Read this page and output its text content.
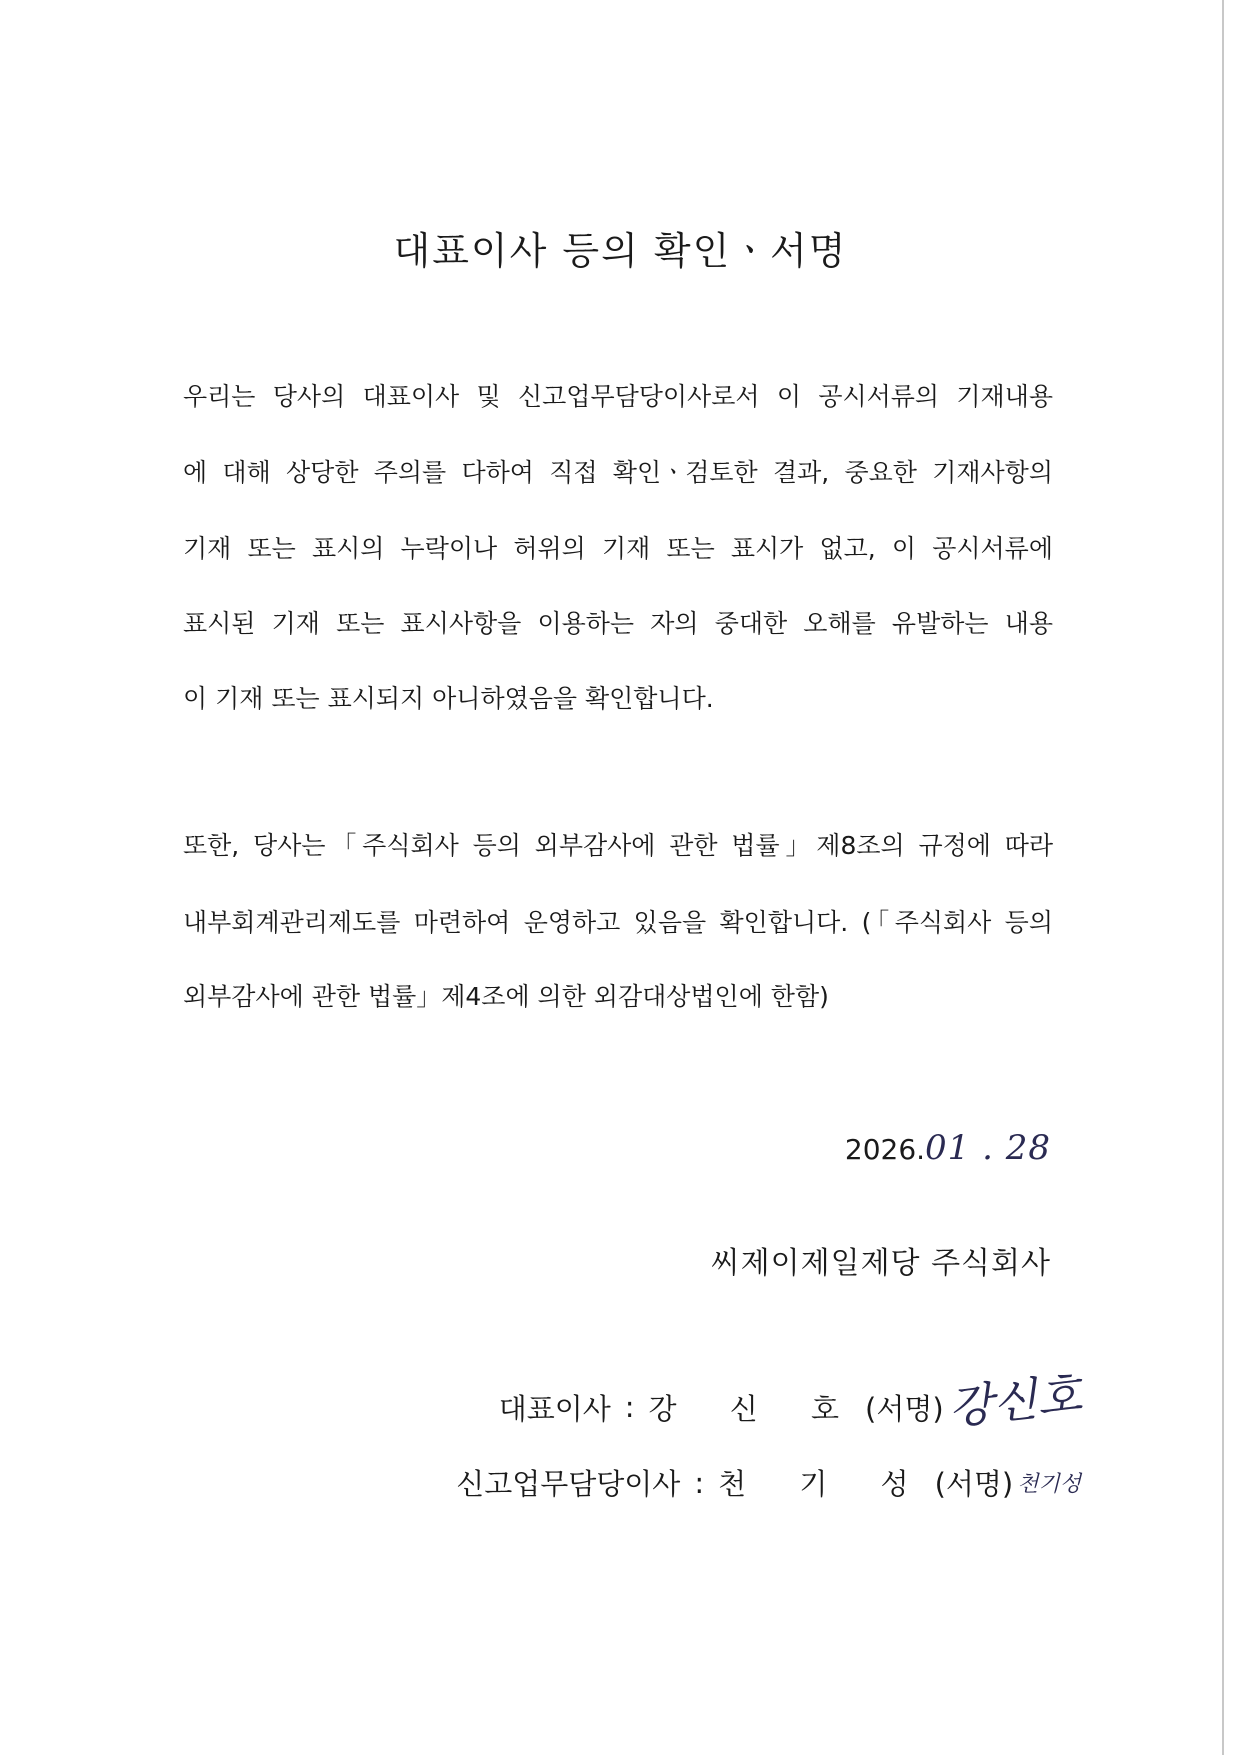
대표이사 등의 확인ㆍ서명
우리는 당사의 대표이사 및 신고업무담당이사로서 이 공시서류의 기재내용
에 대해 상당한 주의를 다하여 직접 확인ㆍ검토한 결과, 중요한 기재사항의
기재 또는 표시의 누락이나 허위의 기재 또는 표시가 없고, 이 공시서류에
표시된 기재 또는 표시사항을 이용하는 자의 중대한 오해를 유발하는 내용
이 기재 또는 표시되지 아니하였음을 확인합니다.
또한, 당사는「주식회사 등의 외부감사에 관한 법률」제8조의 규정에 따라
내부회계관리제도를 마련하여 운영하고 있음을 확인합니다. (「주식회사 등의
외부감사에 관한 법률」제4조에 의한 외감대상법인에 한함)
2026. 01 . 28
씨제이제일제당 주식회사
대표이사 : 강 신 호 (서명) 강신호
신고업무담당이사 : 천 기 성 (서명) 천기성
